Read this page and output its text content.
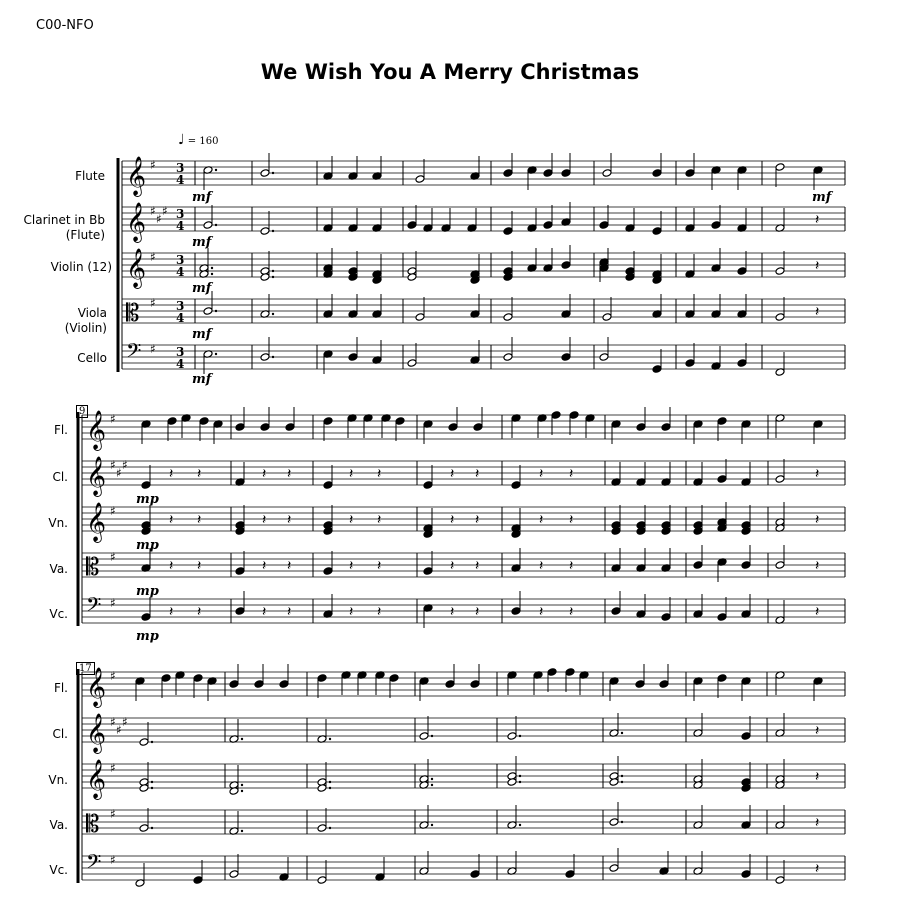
C00-NFO
We Wish You A Merry Christmas
♩ = 160
Flute
Clarinet in Bb
(Flute)
Violin (12)
Viola
(Violin)
Cello
Fl.
Cl.
Vn.
Va.
Vc.
Fl.
Cl.
Vn.
Va.
Vc.
9
17
mf
mf
mf
mf
mf
mf
mp
mp
mp
mp
𝄞 ♯ 3
4
𝄞 ♯
♯
♯ 3
4
𝄞 ♯ 3
4
𝄡 ♯ 3
4
𝄢 ♯ 3
4
𝄞 ♯
𝄞 ♯
♯
♯
𝄞 ♯
𝄡 ♯
𝄢 ♯
𝄞 ♯
𝄞 ♯
♯
♯
𝄞 ♯
𝄡 ♯
𝄢 ♯
𝄽
𝄽
𝄽
𝄽 𝄽	𝄽 𝄽	𝄽 𝄽	𝄽 𝄽	𝄽 𝄽	𝄽
𝄽 𝄽	𝄽 𝄽	𝄽 𝄽	𝄽 𝄽	𝄽 𝄽	𝄽
𝄽 𝄽	𝄽 𝄽	𝄽 𝄽	𝄽 𝄽	𝄽 𝄽	𝄽
𝄽 𝄽	𝄽 𝄽	𝄽 𝄽	𝄽 𝄽	𝄽 𝄽	𝄽
𝄽
𝄽
𝄽
𝄽
